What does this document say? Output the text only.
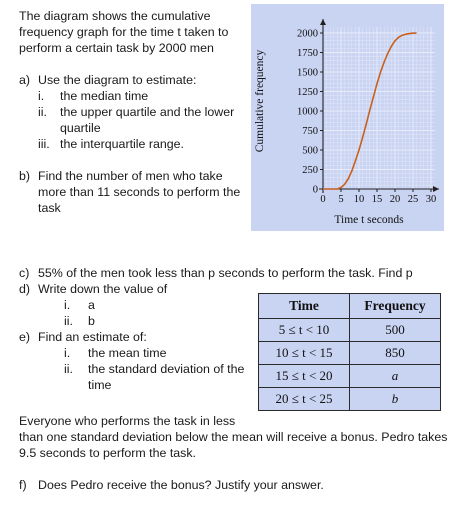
The diagram shows the cumulative
frequency graph for the time t taken to
perform a certain task by 2000 men
a) Use the diagram to estimate:
i. the median time
ii. the upper quartile and the lower
quartile
iii. the interquartile range.
b) Find the number of men who take
more than 11 seconds to perform the
task
0
250
500
750
1000
1250
1500
1750
2000
0 5 10 15 20 25 30
Time t seconds
Cumulative frequency
c) 55% of the men took less than p seconds to perform the task. Find p
d) Write down the value of
i. a
ii. b
e) Find an estimate of:
i. the mean time
ii. the standard deviation of the
time
Time	Frequency
5 ≤ t < 10	500
10 ≤ t < 15	850
15 ≤ t < 20	a
20 ≤ t < 25	b
Everyone who performs the task in less
than one standard deviation below the mean will receive a bonus. Pedro takes
9.5 seconds to perform the task.
f) Does Pedro receive the bonus? Justify your answer.
